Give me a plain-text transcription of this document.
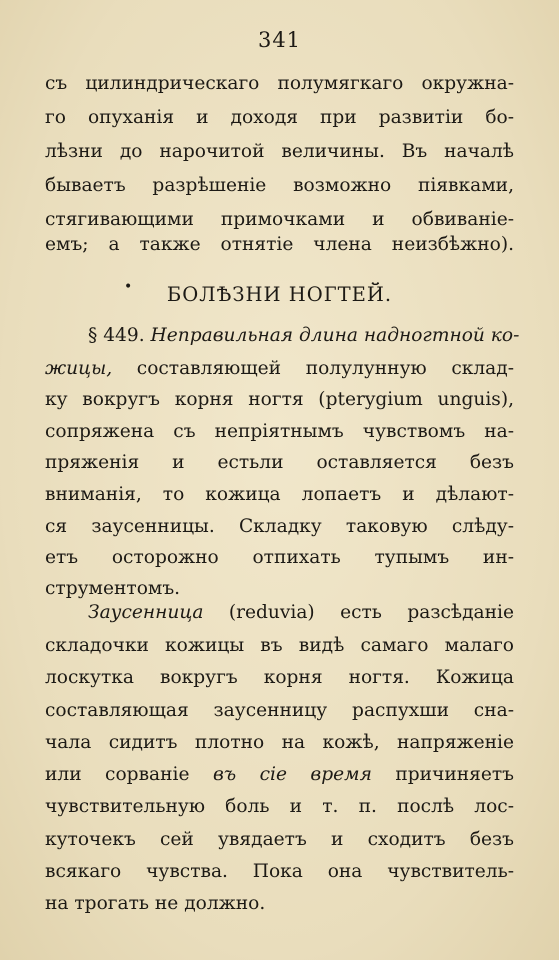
341
съ цилиндрическаго полумягкаго окружна-
го опуханія и доходя при развитіи бо-
лѣзни до нарочитой величины. Въ началѣ
бываетъ разрѣшеніе возможно піявками,
стягивающими примочками и обвиваніе-
емъ; а также отнятіе члена неизбѣжно).
•	БОЛѢЗНИ НОГТЕЙ.
§ 449. Неправильная длина надногтной ко-
жицы, составляющей полулунную склад-
ку вокругъ корня ногтя (pterygium unguis),
сопряжена съ непріятнымъ чувствомъ на-
пряженія и естьли оставляется безъ
вниманія, то кожица лопаетъ и дѣлают-
ся заусенницы. Складку таковую слѣду-
етъ осторожно отпихать тупымъ ин-
струментомъ.
Заусенница (reduvia) есть разсѣданіе
складочки кожицы въ видѣ самаго малаго
лоскутка вокругъ корня ногтя. Кожица
составляющая заусенницу распухши сна-
чала сидитъ плотно на кожѣ, напряженіе
или сорваніе въ сіе время причиняетъ
чувствительную боль и т. п. послѣ лос-
куточекъ сей увядаетъ и сходитъ безъ
всякаго чувства. Пока она чувствитель-
на трогать не должно.
